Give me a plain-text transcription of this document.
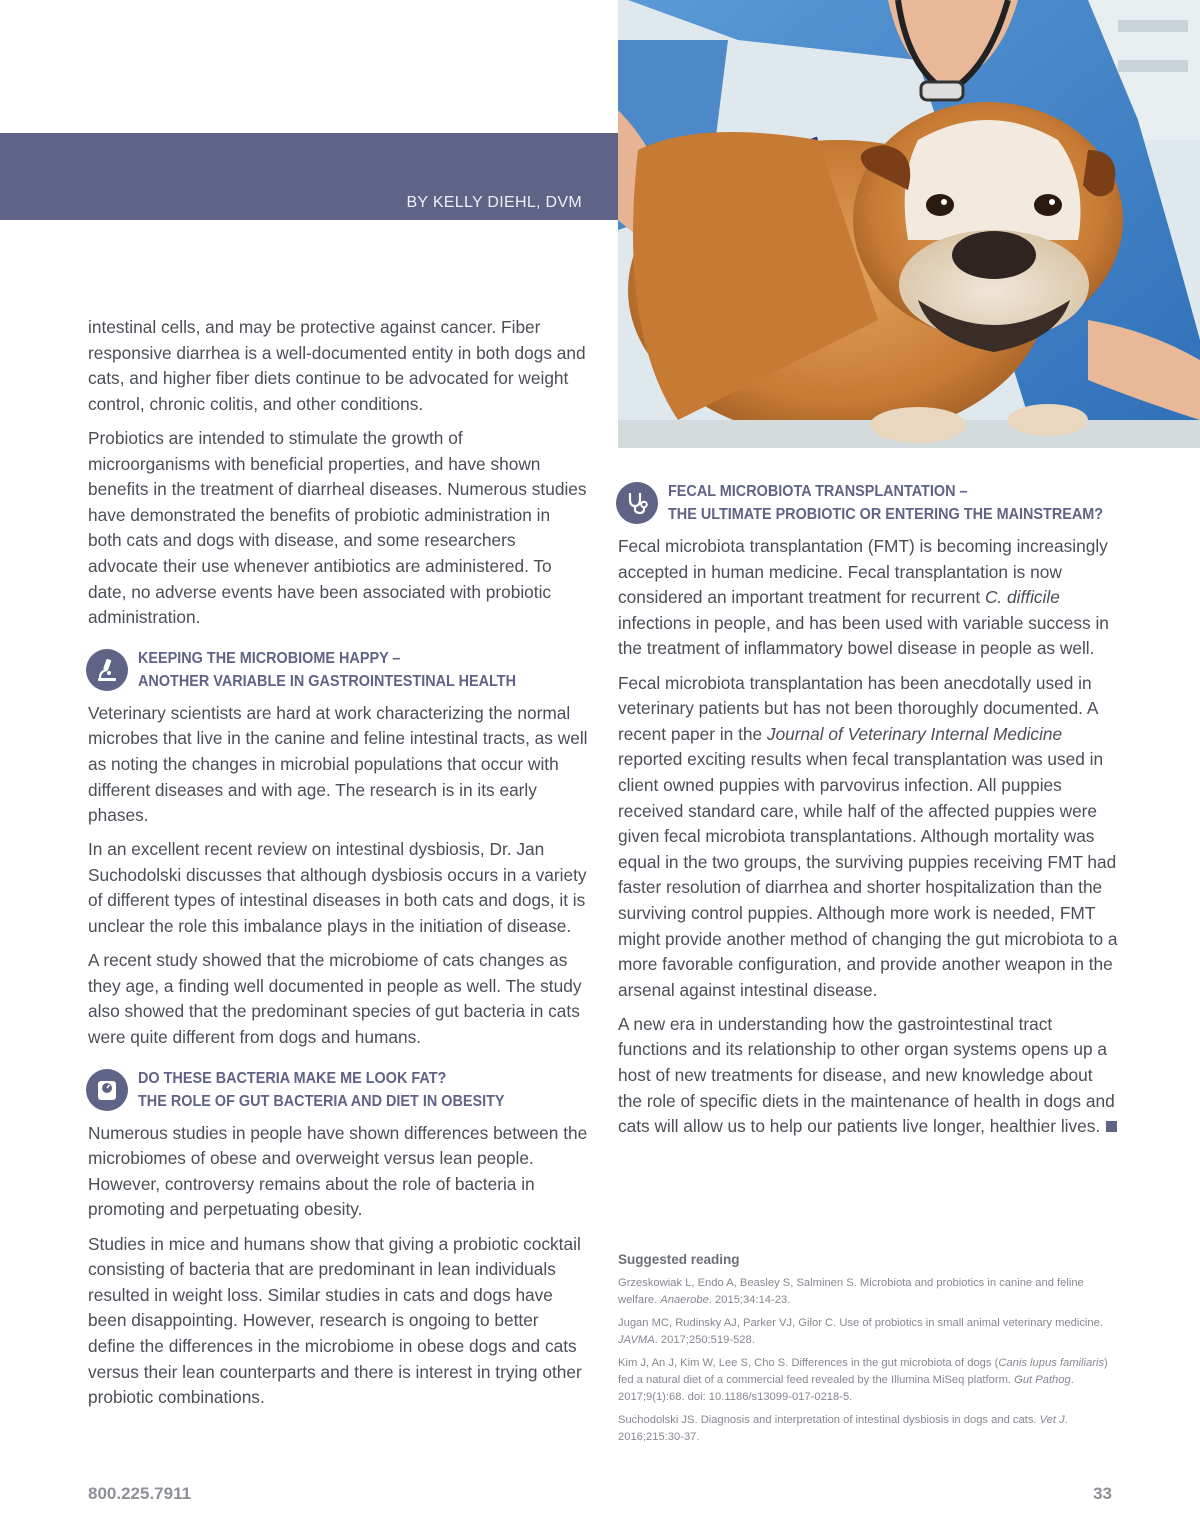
BY KELLY DIEHL, DVM

intestinal cells, and may be protective against cancer. Fiber responsive diarrhea is a well-documented entity in both dogs and cats, and higher fiber diets continue to be advocated for weight control, chronic colitis, and other conditions.

Probiotics are intended to stimulate the growth of microorganisms with beneficial properties, and have shown benefits in the treatment of diarrheal diseases. Numerous studies have demonstrated the benefits of probiotic administration in both cats and dogs with disease, and some researchers advocate their use whenever antibiotics are administered. To date, no adverse events have been associated with probiotic administration.

KEEPING THE MICROBIOME HAPPY –
ANOTHER VARIABLE IN GASTROINTESTINAL HEALTH

Veterinary scientists are hard at work characterizing the normal microbes that live in the canine and feline intestinal tracts, as well as noting the changes in microbial populations that occur with different diseases and with age. The research is in its early phases.

In an excellent recent review on intestinal dysbiosis, Dr. Jan Suchodolski discusses that although dysbiosis occurs in a variety of different types of intestinal diseases in both cats and dogs, it is unclear the role this imbalance plays in the initiation of disease.

A recent study showed that the microbiome of cats changes as they age, a finding well documented in people as well. The study also showed that the predominant species of gut bacteria in cats were quite different from dogs and humans.

DO THESE BACTERIA MAKE ME LOOK FAT?
THE ROLE OF GUT BACTERIA AND DIET IN OBESITY

Numerous studies in people have shown differences between the microbiomes of obese and overweight versus lean people. However, controversy remains about the role of bacteria in promoting and perpetuating obesity.

Studies in mice and humans show that giving a probiotic cocktail consisting of bacteria that are predominant in lean individuals resulted in weight loss. Similar studies in cats and dogs have been disappointing. However, research is ongoing to better define the differences in the microbiome in obese dogs and cats versus their lean counterparts and there is interest in trying other probiotic combinations.

FECAL MICROBIOTA TRANSPLANTATION –
THE ULTIMATE PROBIOTIC OR ENTERING THE MAINSTREAM?

Fecal microbiota transplantation (FMT) is becoming increasingly accepted in human medicine. Fecal transplantation is now considered an important treatment for recurrent C. difficile infections in people, and has been used with variable success in the treatment of inflammatory bowel disease in people as well.

Fecal microbiota transplantation has been anecdotally used in veterinary patients but has not been thoroughly documented. A recent paper in the Journal of Veterinary Internal Medicine reported exciting results when fecal transplantation was used in client owned puppies with parvovirus infection. All puppies received standard care, while half of the affected puppies were given fecal microbiota transplantations. Although mortality was equal in the two groups, the surviving puppies receiving FMT had faster resolution of diarrhea and shorter hospitalization than the surviving control puppies. Although more work is needed, FMT might provide another method of changing the gut microbiota to a more favorable configuration, and provide another weapon in the arsenal against intestinal disease.

A new era in understanding how the gastrointestinal tract functions and its relationship to other organ systems opens up a host of new treatments for disease, and new knowledge about the role of specific diets in the maintenance of health in dogs and cats will allow us to help our patients live longer, healthier lives.

Suggested reading
Grzeskowiak L, Endo A, Beasley S, Salminen S. Microbiota and probiotics in canine and feline welfare. Anaerobe. 2015;34:14-23.
Jugan MC, Rudinsky AJ, Parker VJ, Gilor C. Use of probiotics in small animal veterinary medicine. JAVMA. 2017;250:519-528.
Kim J, An J, Kim W, Lee S, Cho S. Differences in the gut microbiota of dogs (Canis lupus familiaris) fed a natural diet of a commercial feed revealed by the Illumina MiSeq platform. Gut Pathog. 2017;9(1):68. doi: 10.1186/s13099-017-0218-5.
Suchodolski JS. Diagnosis and interpretation of intestinal dysbiosis in dogs and cats. Vet J. 2016;215:30-37.
800.225.7911	33
